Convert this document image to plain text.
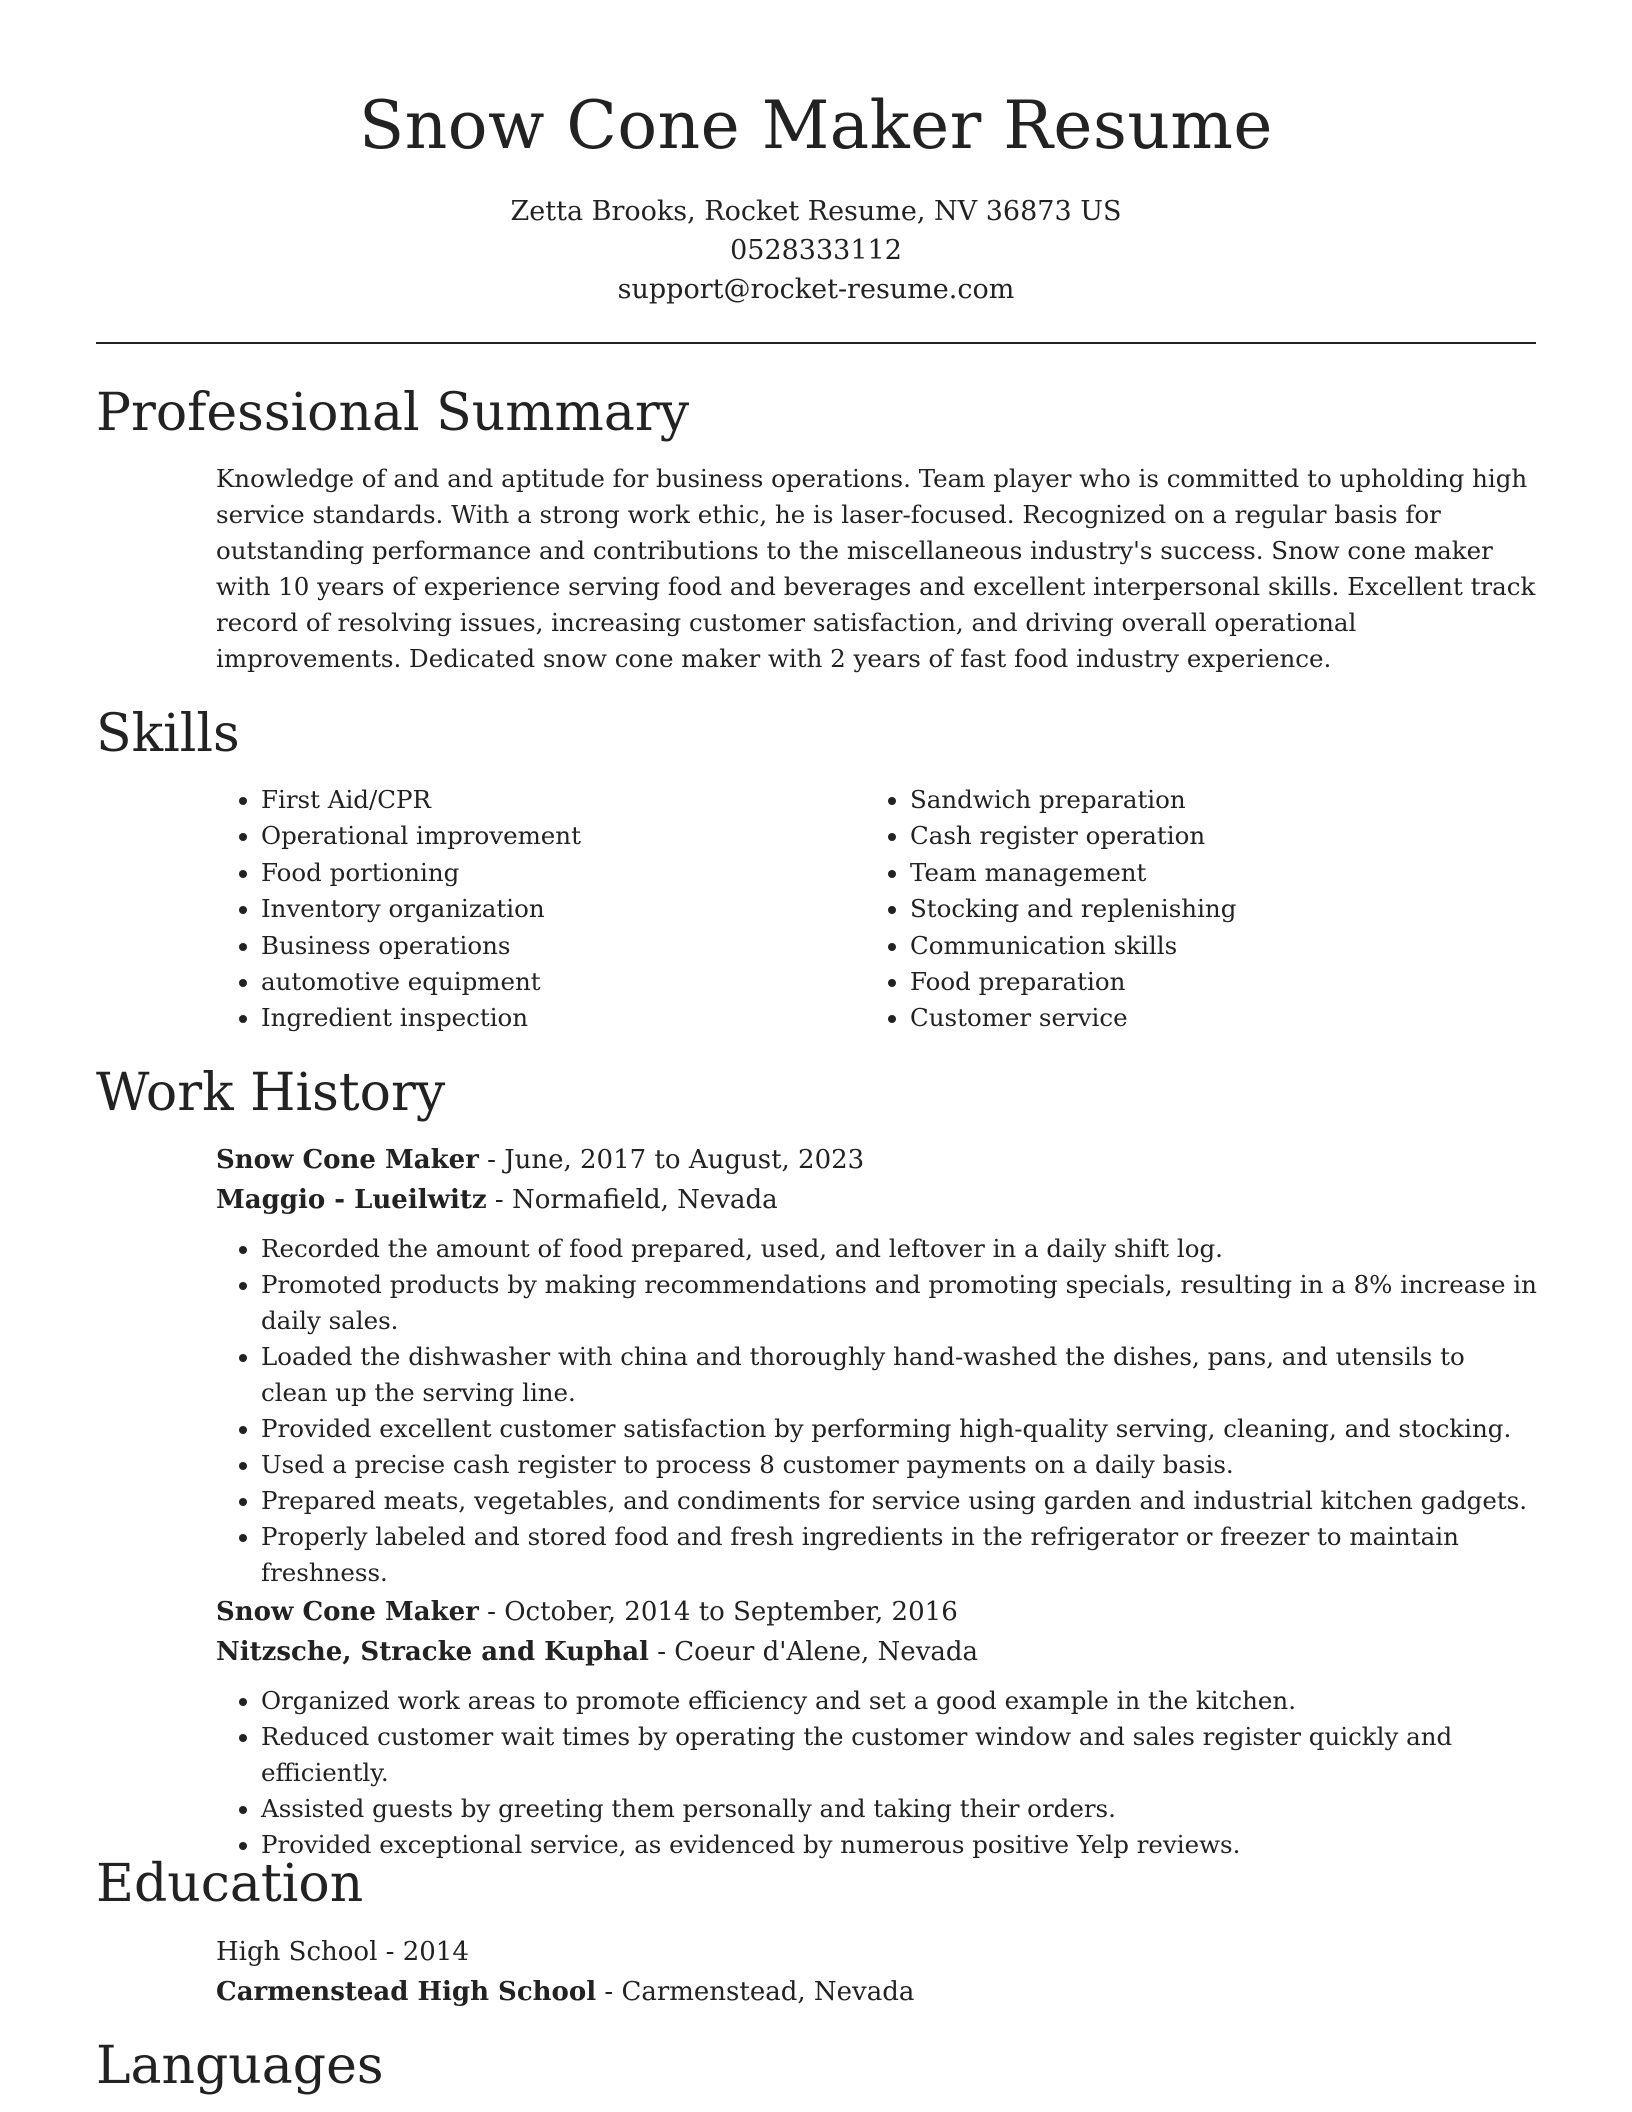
Snow Cone Maker Resume
Zetta Brooks, Rocket Resume, NV 36873 US
0528333112
support@rocket-resume.com
Professional Summary
Knowledge of and and aptitude for business operations. Team player who is committed to upholding high service standards. With a strong work ethic, he is laser-focused. Recognized on a regular basis for outstanding performance and contributions to the miscellaneous industry's success. Snow cone maker with 10 years of experience serving food and beverages and excellent interpersonal skills. Excellent track record of resolving issues, increasing customer satisfaction, and driving overall operational improvements. Dedicated snow cone maker with 2 years of fast food industry experience.
Skills
• First Aid/CPR
• Operational improvement
• Food portioning
• Inventory organization
• Business operations
• automotive equipment
• Ingredient inspection
• Sandwich preparation
• Cash register operation
• Team management
• Stocking and replenishing
• Communication skills
• Food preparation
• Customer service
Work History
Snow Cone Maker - June, 2017 to August, 2023
Maggio - Lueilwitz - Normafield, Nevada
• Recorded the amount of food prepared, used, and leftover in a daily shift log.
• Promoted products by making recommendations and promoting specials, resulting in a 8% increase in daily sales.
• Loaded the dishwasher with china and thoroughly hand-washed the dishes, pans, and utensils to clean up the serving line.
• Provided excellent customer satisfaction by performing high-quality serving, cleaning, and stocking.
• Used a precise cash register to process 8 customer payments on a daily basis.
• Prepared meats, vegetables, and condiments for service using garden and industrial kitchen gadgets.
• Properly labeled and stored food and fresh ingredients in the refrigerator or freezer to maintain freshness.
Snow Cone Maker - October, 2014 to September, 2016
Nitzsche, Stracke and Kuphal - Coeur d'Alene, Nevada
• Organized work areas to promote efficiency and set a good example in the kitchen.
• Reduced customer wait times by operating the customer window and sales register quickly and efficiently.
• Assisted guests by greeting them personally and taking their orders.
• Provided exceptional service, as evidenced by numerous positive Yelp reviews.
Education
High School - 2014
Carmenstead High School - Carmenstead, Nevada
Languages
